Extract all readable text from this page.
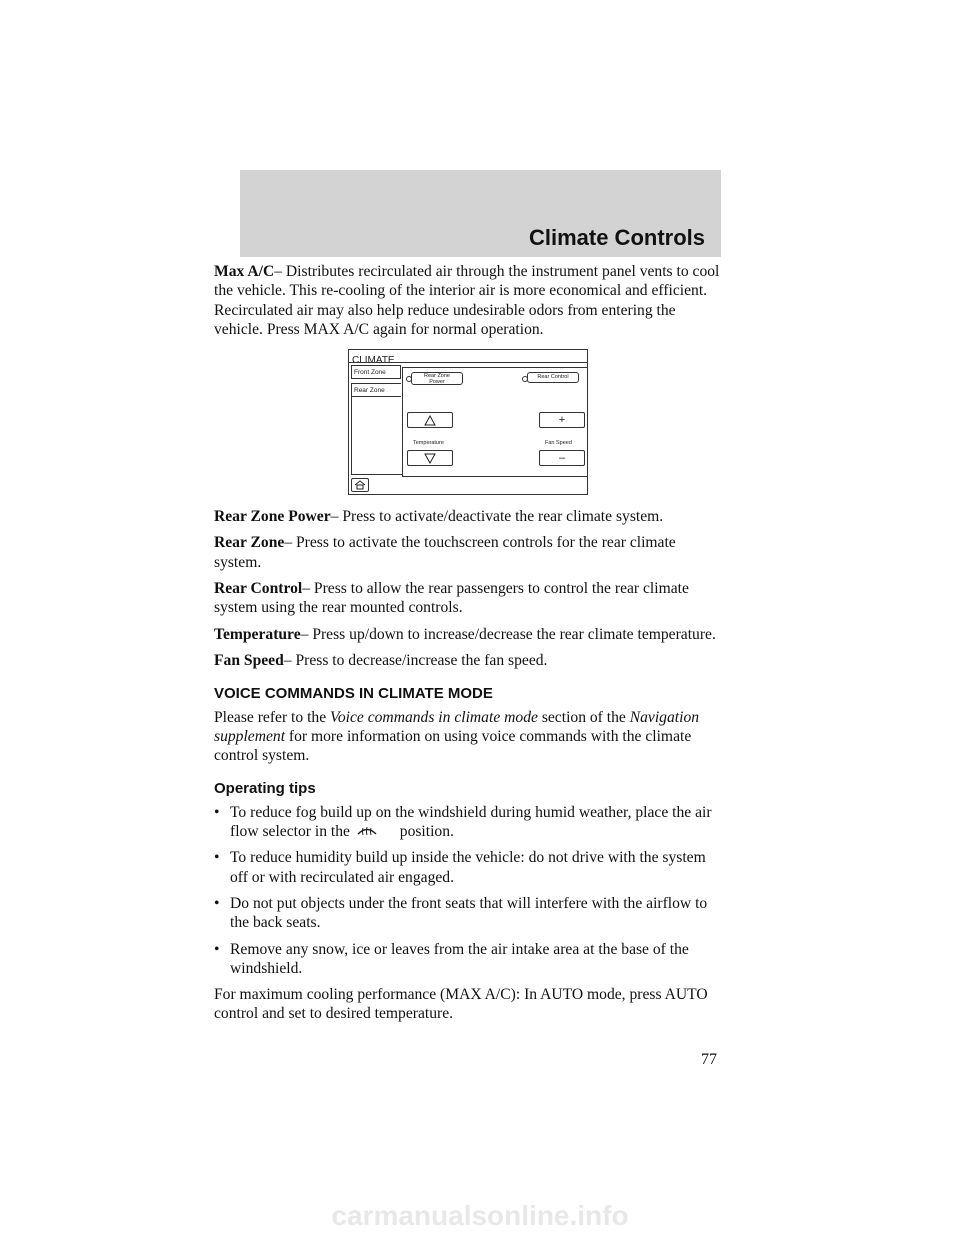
Climate Controls

Max A/C– Distributes recirculated air through the instrument panel vents to cool the vehicle. This re-cooling of the interior air is more economical and efficient. Recirculated air may also help reduce undesirable odors from entering the vehicle. Press MAX A/C again for normal operation.

CLIMATE
Front Zone
Rear Zone
Rear Zone
Power
Rear Control
+
Temperature	Fan Speed
–

Rear Zone Power– Press to activate/deactivate the rear climate system.

Rear Zone– Press to activate the touchscreen controls for the rear climate system.

Rear Control– Press to allow the rear passengers to control the rear climate system using the rear mounted controls.

Temperature– Press up/down to increase/decrease the rear climate temperature.

Fan Speed– Press to decrease/increase the fan speed.

VOICE COMMANDS IN CLIMATE MODE

Please refer to the Voice commands in climate mode section of the Navigation supplement for more information on using voice commands with the climate control system.

Operating tips
• To reduce fog build up on the windshield during humid weather, place the air flow selector in the	position.
• To reduce humidity build up inside the vehicle: do not drive with the system off or with recirculated air engaged.
• Do not put objects under the front seats that will interfere with the airflow to the back seats.
• Remove any snow, ice or leaves from the air intake area at the base of the windshield.

For maximum cooling performance (MAX A/C): In AUTO mode, press AUTO control and set to desired temperature.

77
carmanualsonline.info
